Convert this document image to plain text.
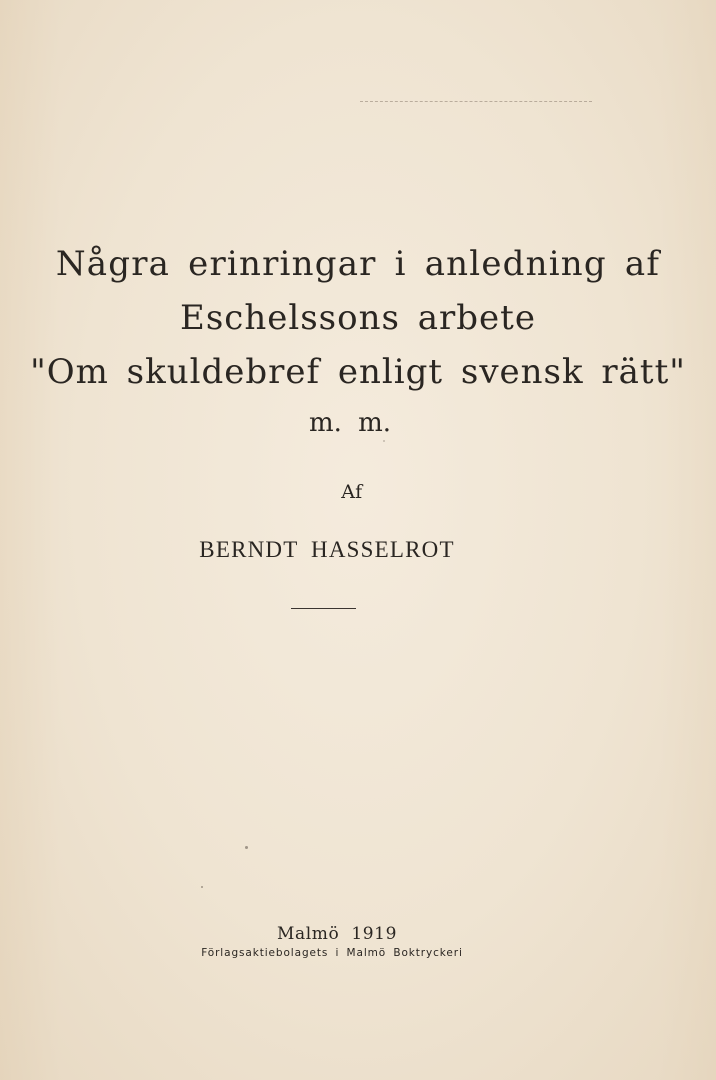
Några erinringar i anledning af
Eschelssons arbete
"Om skuldebref enligt svensk rätt"
m. m.
Af
BERNDT HASSELROT
Malmö 1919
Förlagsaktiebolagets i Malmö Boktryckeri
